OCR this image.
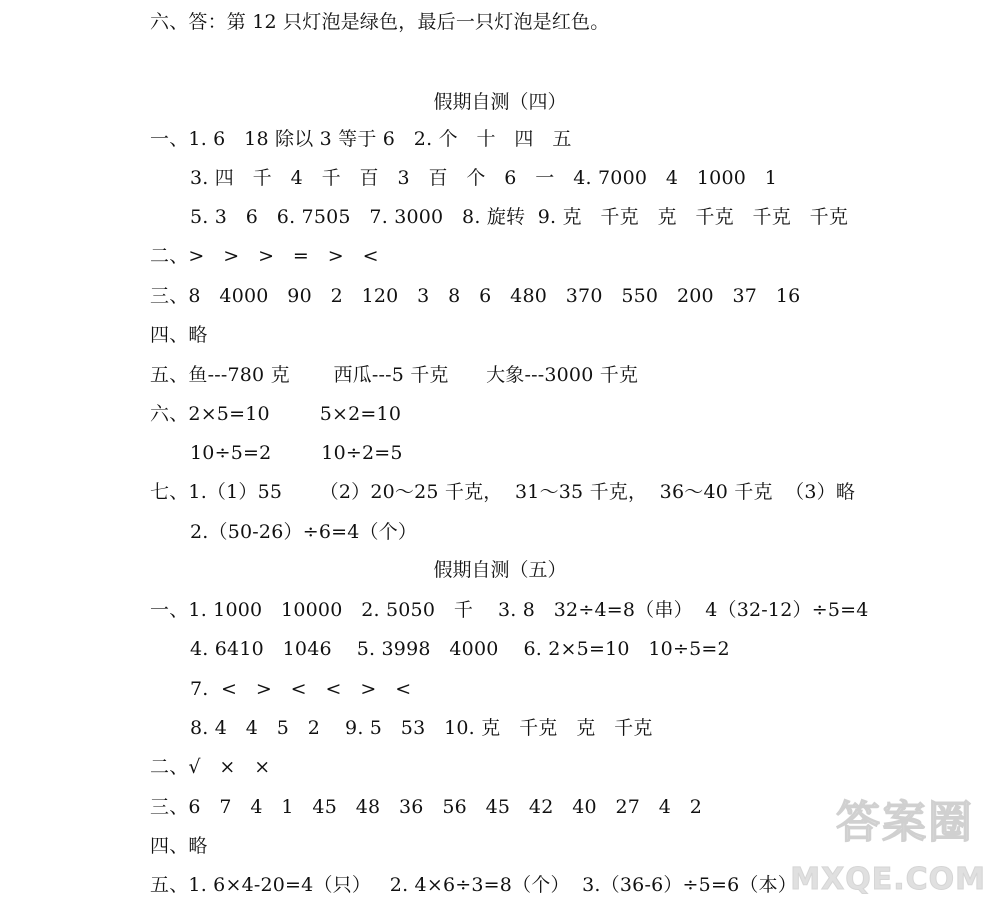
六、答：第 12 只灯泡是绿色，最后一只灯泡是红色。
假期自测（四）
一、1. 6   18 除以 3 等于 6   2. 个   十   四   五
3. 四   千   4   千   百   3   百   个   6   一   4. 7000   4   1000   1
5. 3   6   6. 7505   7. 3000   8. 旋转  9. 克   千克   克   千克   千克   千克
二、>   >   >   =   >   <
三、8   4000   90   2   120   3   8   6   480   370   550   200   37   16
四、略
五、鱼---780 克       西瓜---5 千克      大象---3000 千克
六、2×5=10        5×2=10
10÷5=2        10÷2=5
七、1.（1）55      （2）20～25 千克，  31～35 千克，  36～40 千克  （3）略
2.（50-26）÷6=4（个）
假期自测（五）
一、1. 1000   10000   2. 5050   千    3. 8   32÷4=8（串）  4（32-12）÷5=4
4. 6410   1046    5. 3998   4000    6. 2×5=10   10÷5=2
7.  <   >   <   <   >   <
8. 4   4   5   2    9. 5   53   10. 克   千克   克   千克
二、√   ×   ×
三、6   7   4   1   45   48   36   56   45   42   40   27   4   2
四、略
五、1. 6×4-20=4（只）   2. 4×6÷3=8（个）  3.（36-6）÷5=6（本）
答案圈
MXQE.COM
